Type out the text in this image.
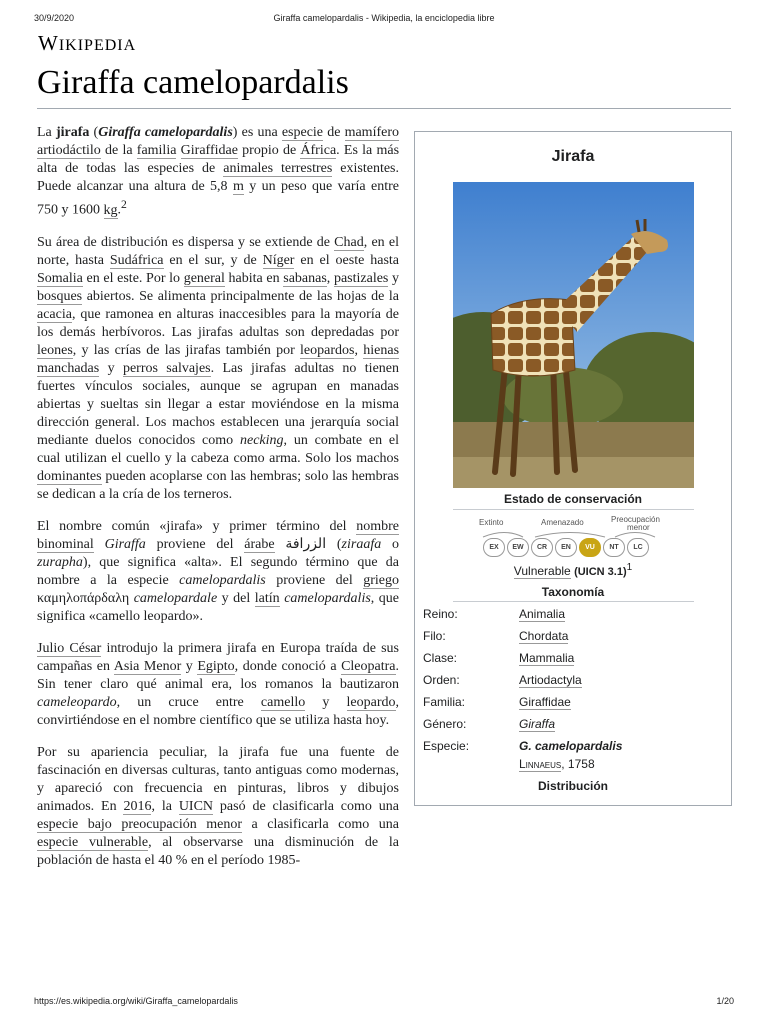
30/9/2020	Giraffa camelopardalis - Wikipedia, la enciclopedia libre
WIKIPEDIA
Giraffa camelopardalis

La jirafa (Giraffa camelopardalis) es una especie de mamífero artiodáctilo de la familia Giraffidae propio de África. Es la más alta de todas las especies de animales terrestres existentes. Puede alcanzar una altura de 5,8 m y un peso que varía entre 750 y 1600 kg.$^2$

Su área de distribución es dispersa y se extiende de Chad, en el norte, hasta Sudáfrica en el sur, y de Níger en el oeste hasta Somalia en el este. Por lo general habita en sabanas, pastizales y bosques abiertos. Se alimenta principalmente de las hojas de la acacia, que ramonea en alturas inaccesibles para la mayoría de los demás herbívoros. Las jirafas adultas son depredadas por leones, y las crías de las jirafas también por leopardos, hienas manchadas y perros salvajes. Las jirafas adultas no tienen fuertes vínculos sociales, aunque se agrupan en manadas abiertas y sueltas sin llegar a estar moviéndose en la misma dirección general. Los machos establecen una jerarquía social mediante duelos conocidos como necking, un combate en el cual utilizan el cuello y la cabeza como arma. Solo los machos dominantes pueden acoplarse con las hembras; solo las hembras se dedican a la cría de los terneros.

El nombre común «jirafa» y primer término del nombre binominal Giraffa proviene del árabe الزرافة (ziraafa o zurapha), que significa «alta». El segundo término que da nombre a la especie camelopardalis proviene del griego καμηλοπάρδαλη camelopardale y del latín camelopardalis, que significa «camello leopardo».

Julio César introdujo la primera jirafa en Europa traída de sus campañas en Asia Menor y Egipto, donde conoció a Cleopatra. Sin tener claro qué animal era, los romanos la bautizaron cameleopardo, un cruce entre camello y leopardo, convirtiéndose en el nombre científico que se utiliza hasta hoy.

Por su apariencia peculiar, la jirafa fue una fuente de fascinación en diversas culturas, tanto antiguas como modernas, y apareció con frecuencia en pinturas, libros y dibujos animados. En 2016, la UICN pasó de clasificarla como una especie bajo preocupación menor a clasificarla como una especie vulnerable, al observarse una disminución de la población de hasta el 40 % en el período 1985-

Jirafa
Estado de conservación
Extinto	Amenazado	Preocupación
menor
EX	EW	CR	EN	VU	NT	LC
Vulnerable (UICN 3.1)$^1$
Taxonomía
Reino:	Animalia
Filo:	Chordata
Clase:	Mammalia
Orden:	Artiodactyla
Familia:	Giraffidae
Género:	Giraffa
Especie:	G. camelopardalis
Linnaeus, 1758
Distribución
https://es.wikipedia.org/wiki/Giraffa_camelopardalis	1/20
